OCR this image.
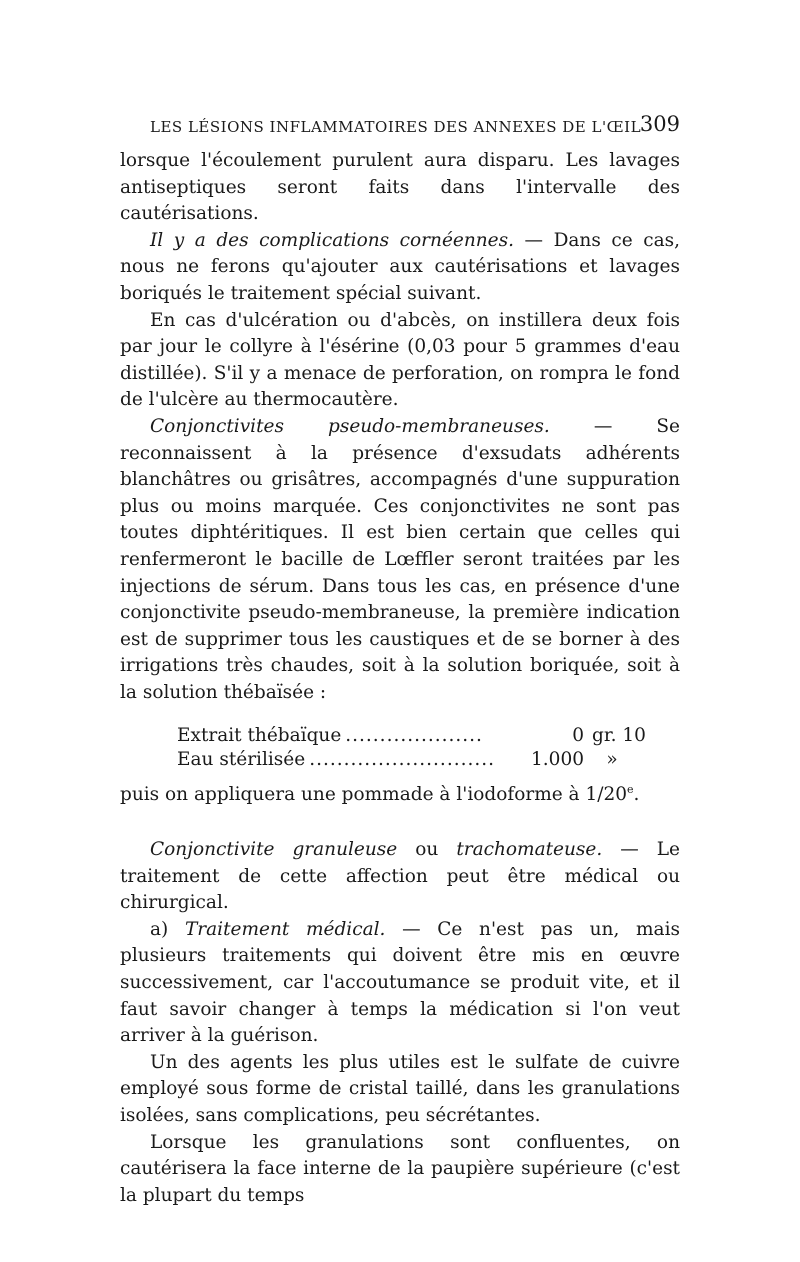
LES LÉSIONS INFLAMMATOIRES DES ANNEXES DE L'ŒIL
309

lorsque l'écoulement purulent aura disparu. Les lavages antiseptiques seront faits dans l'intervalle des cautérisations.

Il y a des complications cornéennes. — Dans ce cas, nous ne ferons qu'ajouter aux cautérisations et lavages boriqués le traitement spécial suivant.

En cas d'ulcération ou d'abcès, on instillera deux fois par jour le collyre à l'ésérine (0,03 pour 5 grammes d'eau distillée). S'il y a menace de perforation, on rompra le fond de l'ulcère au thermocautère.

Conjonctivites pseudo-membraneuses. — Se reconnaissent à la présence d'exsudats adhérents blanchâtres ou grisâtres, accompagnés d'une suppuration plus ou moins marquée. Ces conjonctivites ne sont pas toutes diphtéritiques. Il est bien certain que celles qui renfermeront le bacille de Lœffler seront traitées par les injections de sérum. Dans tous les cas, en présence d'une conjonctivite pseudo-membraneuse, la première indication est de supprimer tous les caustiques et de se borner à des irrigations très chaudes, soit à la solution boriquée, soit à la solution thébaïsée :

Extrait thébaïque ....................	0 gr. 10
Eau stérilisée ...........................	1.000	»

puis on appliquera une pommade à l'iodoforme à 1/20e.

Conjonctivite granuleuse ou trachomateuse. — Le traitement de cette affection peut être médical ou chirurgical.

a) Traitement médical. — Ce n'est pas un, mais plusieurs traitements qui doivent être mis en œuvre successivement, car l'accoutumance se produit vite, et il faut savoir changer à temps la médication si l'on veut arriver à la guérison.

Un des agents les plus utiles est le sulfate de cuivre employé sous forme de cristal taillé, dans les granulations isolées, sans complications, peu sécrétantes.

Lorsque les granulations sont confluentes, on cautérisera la face interne de la paupière supérieure (c'est la plupart du temps
